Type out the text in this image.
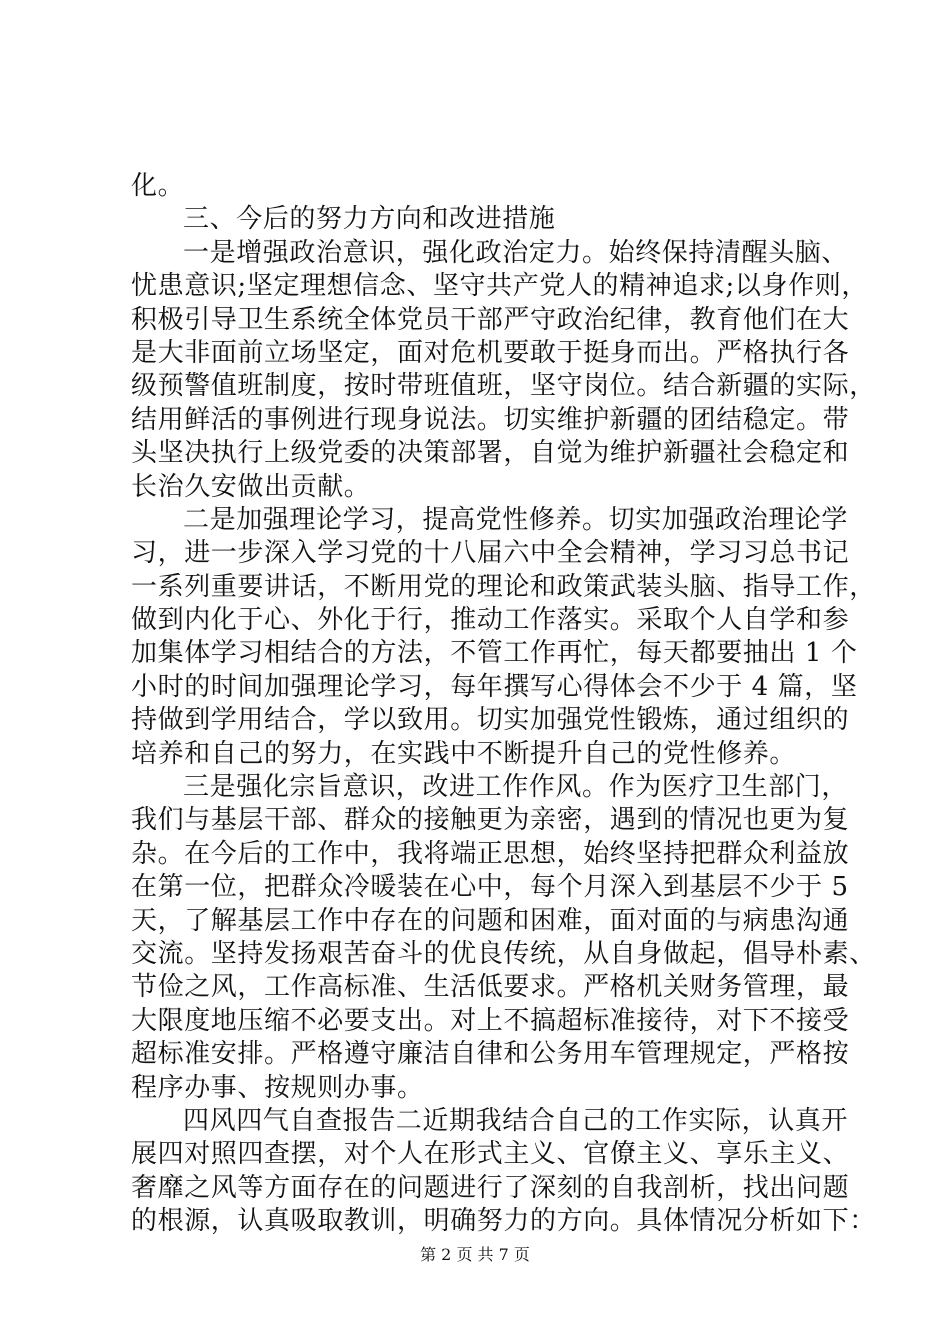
化。
三、今后的努力方向和改进措施
一是增强政治意识，强化政治定力。始终保持清醒头脑、
忧患意识;坚定理想信念、坚守共产党人的精神追求;以身作则，
积极引导卫生系统全体党员干部严守政治纪律，教育他们在大
是大非面前立场坚定，面对危机要敢于挺身而出。严格执行各
级预警值班制度，按时带班值班，坚守岗位。结合新疆的实际，
结用鲜活的事例进行现身说法。切实维护新疆的团结稳定。带
头坚决执行上级党委的决策部署，自觉为维护新疆社会稳定和
长治久安做出贡献。
二是加强理论学习，提高党性修养。切实加强政治理论学
习，进一步深入学习党的十八届六中全会精神，学习习总书记
一系列重要讲话，不断用党的理论和政策武装头脑、指导工作，
做到内化于心、外化于行，推动工作落实。采取个人自学和参
加集体学习相结合的方法，不管工作再忙，每天都要抽出 1 个
小时的时间加强理论学习，每年撰写心得体会不少于 4 篇，坚
持做到学用结合，学以致用。切实加强党性锻炼，通过组织的
培养和自己的努力，在实践中不断提升自己的党性修养。
三是强化宗旨意识，改进工作作风。作为医疗卫生部门，
我们与基层干部、群众的接触更为亲密，遇到的情况也更为复
杂。在今后的工作中，我将端正思想，始终坚持把群众利益放
在第一位，把群众冷暖装在心中，每个月深入到基层不少于 5
天，了解基层工作中存在的问题和困难，面对面的与病患沟通
交流。坚持发扬艰苦奋斗的优良传统，从自身做起，倡导朴素、
节俭之风，工作高标准、生活低要求。严格机关财务管理，最
大限度地压缩不必要支出。对上不搞超标准接待，对下不接受
超标准安排。严格遵守廉洁自律和公务用车管理规定，严格按
程序办事、按规则办事。
四风四气自查报告二近期我结合自己的工作实际，认真开
展四对照四查摆，对个人在形式主义、官僚主义、享乐主义、
奢靡之风等方面存在的问题进行了深刻的自我剖析，找出问题
的根源，认真吸取教训，明确努力的方向。具体情况分析如下：
第 2 页 共 7 页
